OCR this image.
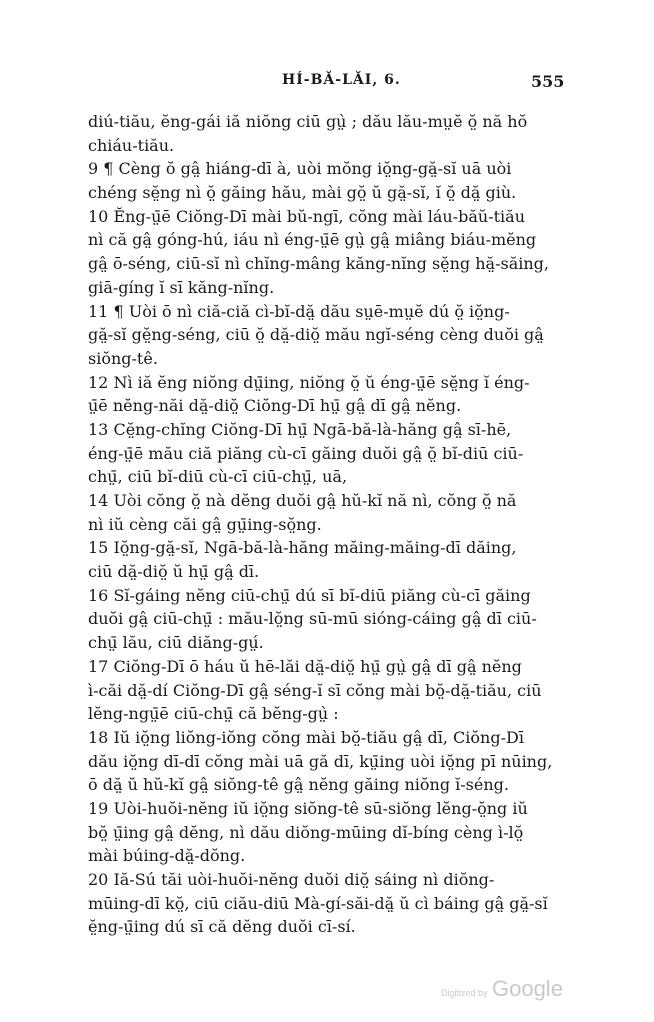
HÍ-BĂ-LĂI, 6.	555
diú-tiău, ĕng-gái iă niŏng ciū gṳ̀ ; dău lău-mṳĕ ŏ̤ nă hŏ
chiáu-tiău.
9 ¶ Cèng ŏ gâ̤ hiáng-dī à, uòi mŏng iŏ̤ng-gă̤-sĭ uā uòi
chéng sĕ̤ng nì ŏ̤ găing hău, mài gŏ̤ ŭ gă̤-sĭ, ĭ ŏ̤ dă̤ giù.
10 Ĕng-ṳ̄ē Ciŏng-Dī mài bŭ-ngī, cŏng mài láu-băŭ-tiău
nì că gâ̤ góng-hú, iáu nì éng-ṳ̄ē gṳ̀ gâ̤ miâng biáu-mĕng
gâ̤ ō-séng, ciū-sĭ nì chĭng-mâng kăng-nĭng sĕ̤ng hă̤-săing,
giā-gíng ĭ sī kăng-nĭng.
11 ¶ Uòi ō nì ciă-ciă cì-bĭ-dă̤ dău sṳē-mṳĕ dú ŏ̤ iŏ̤ng-
gă̤-sĭ gĕ̤ng-séng, ciū ŏ̤ dă̤-diŏ̤ mău ngĭ-séng cèng duŏi gâ̤
siŏng-tê.
12 Nì iă ĕng niŏng dṳ̄ing, niŏng ŏ̤ ŭ éng-ṳ̄ē sĕ̤ng ĭ éng-
ṳ̄ē nĕng-năi dă̤-diŏ̤ Ciŏng-Dī hṳ̄ gâ̤ dī gâ̤ nĕng.
13 Cĕ̤ng-chĭng Ciŏng-Dī hṳ̄ Ngā-bă-là-hăng gâ̤ sī-hē,
éng-ṳ̄ē mău ciă piăng cù-cī găing duŏi gâ̤ ŏ̤ bĭ-diū ciū-
chṳ̄, ciū bĭ-diū cù-cī ciū-chṳ̄, uā,
14 Uòi cŏng ŏ̤ nà dĕng duŏi gâ̤ hŭ-kĭ nă nì, cŏng ŏ̤ nă
nì iŭ cèng căi gâ̤ gṳ̄ing-sŏ̤ng.
15 Iŏ̤ng-gă̤-sĭ, Ngā-bă-là-hăng măing-măing-dī dăing,
ciū dă̤-diŏ̤ ŭ hṳ̄ gâ̤ dī.
16 Sĭ-gáing nĕng ciū-chṳ̄ dú sī bĭ-diū piăng cù-cī găing
duŏi gâ̤ ciū-chṳ̄ : mău-lŏ̤ng sū-mū sióng-cáing gâ̤ dī ciū-
chṳ̄ lău, ciū diăng-gṳ́.
17 Ciŏng-Dī ō háu ŭ hē-lăi dă̤-diŏ̤ hṳ̄ gṳ̀ gâ̤ dī gâ̤ nĕng
ì-căi dă̤-dí Ciŏng-Dī gâ̤ séng-ĭ sī cŏng mài bŏ̤-dă̤-tiău, ciū
lĕng-ngṳ̄ē ciū-chṳ̄ că bĕng-gṳ̀ :
18 Iŭ iŏ̤ng liŏng-iŏng cŏng mài bŏ̤-tiău gâ̤ dī, Ciŏng-Dī
dău iŏ̤ng dī-dī cŏng mài uā gă dī, kṳ̄ing uòi iŏ̤ng pī nūing,
ō dă̤ ŭ hŭ-kĭ gâ̤ siŏng-tê gâ̤ nĕng găing niŏng ĭ-séng.
19 Uòi-huŏi-nĕng iŭ iŏ̤ng siŏng-tê sū-siŏng lĕng-ŏ̤ng iŭ
bŏ̤ ṳ̄ing gâ̤ dĕng, nì dău diŏng-mūing dĭ-bíng cèng ì-lŏ̤
mài búing-dă̤-dŏng.
20 Iă-Sú tăi uòi-huŏi-nĕng duŏi diŏ̤ sáing nì diŏng-
mūing-dī kŏ̤, ciū ciău-diū Mà-gí-săi-dă̤ ŭ cì báing gâ̤ gă̤-sĭ
ĕ̤ng-ṳ̄ing dú sī că dĕng duŏi cī-sí.
Digitized by Google
